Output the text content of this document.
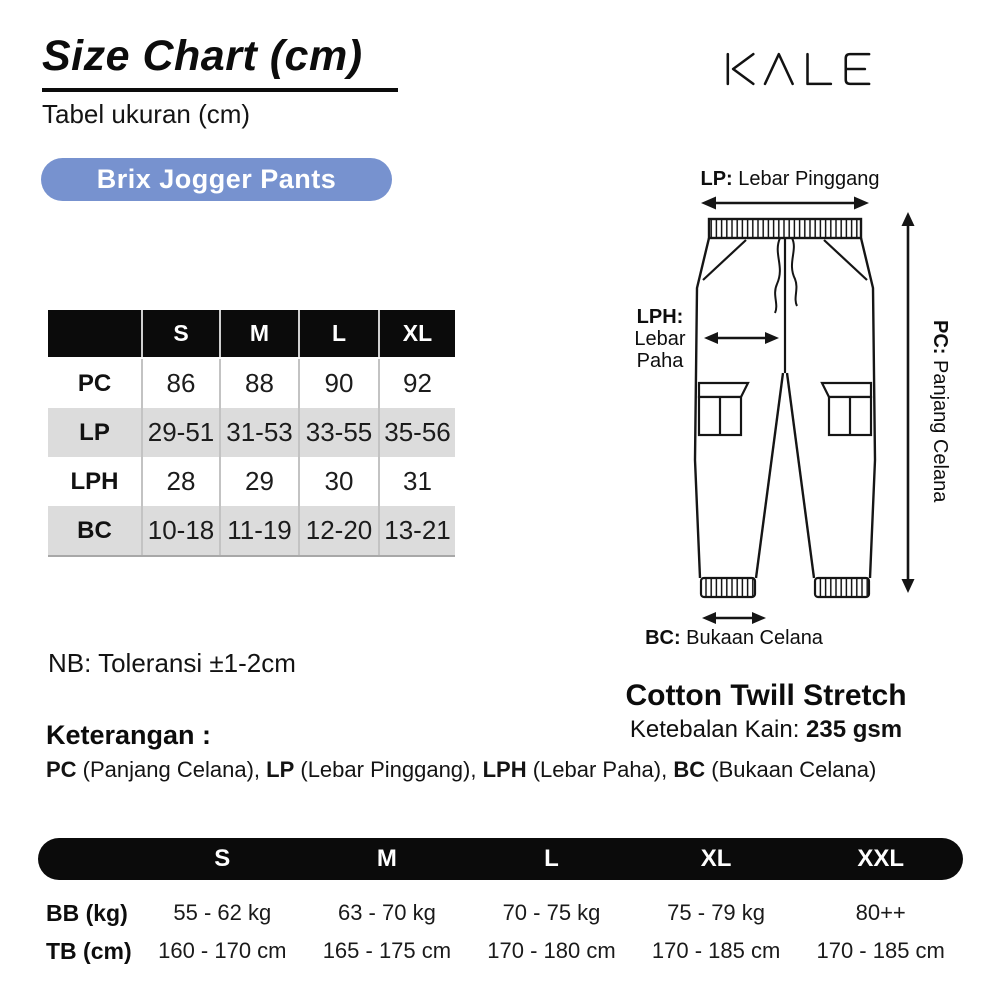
Size Chart (cm)
Tabel ukuran (cm)
Brix Jogger Pants
S	M	L	XL
PC	86	88	90	92
LP	29-51 31-53 33-55 35-56
LPH	28	29	30	31
BC	10-18 11-19 12-20 13-21
LP: Lebar Pinggang
LPH:
Lebar
Paha
PC: Panjang Celana
BC: Bukaan Celana
NB: Toleransi ±1-2cm
Cotton Twill Stretch
Ketebalan Kain: 235 gsm
Keterangan :
PC (Panjang Celana), LP (Lebar Pinggang), LPH (Lebar Paha), BC (Bukaan Celana)
S	M	L	XL	XXL
BB (kg)	55 - 62 kg	63 - 70 kg	70 - 75 kg	75 - 79 kg	80++
TB (cm)	160 - 170 cm	165 - 175 cm	170 - 180 cm	170 - 185 cm	170 - 185 cm
